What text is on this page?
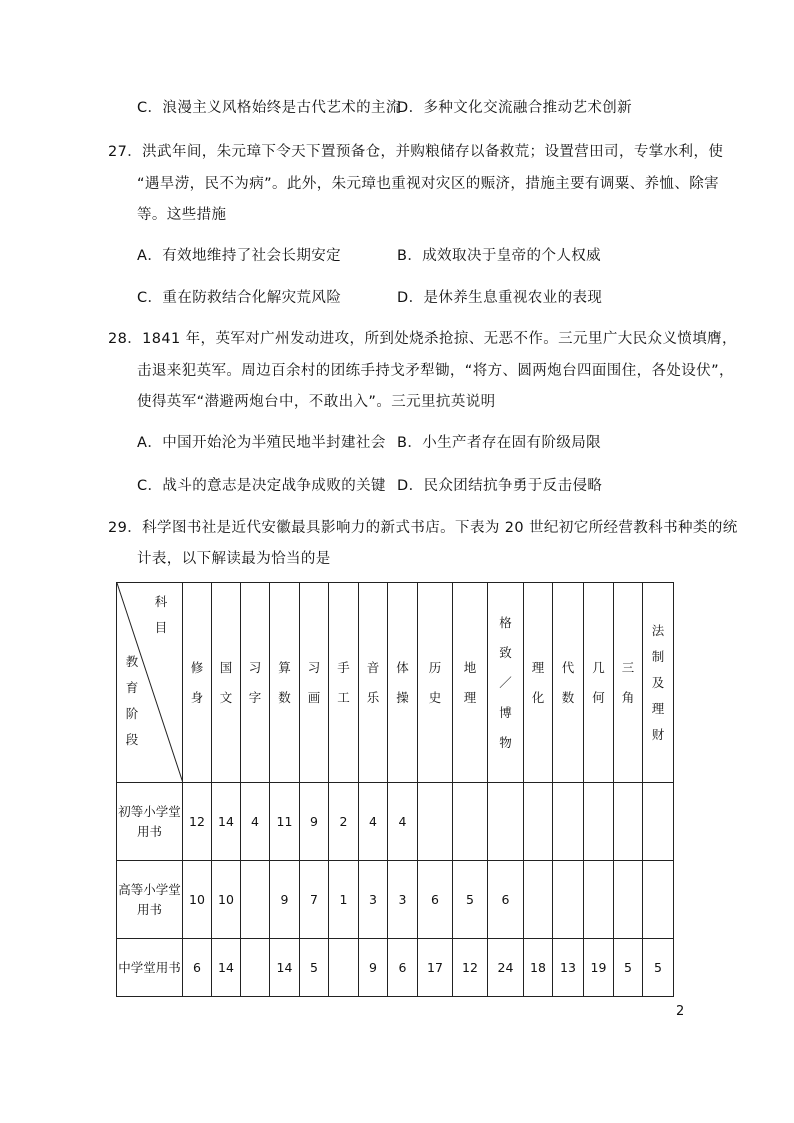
C．浪漫主义风格始终是古代艺术的主流
D．多种文化交流融合推动艺术创新
27．洪武年间，朱元璋下令天下置预备仓，并购粮储存以备救荒；设置营田司，专掌水利，使
“遇旱涝，民不为病”。此外，朱元璋也重视对灾区的赈济，措施主要有调粟、养恤、除害
等。这些措施
A．有效地维持了社会长期安定	B．成效取决于皇帝的个人权威
C．重在防救结合化解灾荒风险	D．是休养生息重视农业的表现
28．1841 年，英军对广州发动进攻，所到处烧杀抢掠、无恶不作。三元里广大民众义愤填膺，
击退来犯英军。周边百余村的团练手持戈矛犁锄，“将方、圆两炮台四面围住，各处设伏”，
使得英军“潜避两炮台中，不敢出入”。三元里抗英说明
A．中国开始沦为半殖民地半封建社会 B．小生产者存在固有阶级局限
C．战斗的意志是决定战争成败的关键 D．民众团结抗争勇于反击侵略
29．科学图书社是近代安徽最具影响力的新式书店。下表为 20 世纪初它所经营教科书种类的统
计表，以下解读最为恰当的是
科目
教育阶段	修身	国文	习字	算数	习画	手工	音乐	体操	历史	地理	格致／博物	理化	代数	几何	三角	法制及理财
初等小学堂用书	12	14	4	11	9	2	4	4								
高等小学堂用书	10	10		9	7	1	3	3	6	5	6					
中学堂用书	6	14		14	5		9	6	17	12	24	18	13	19	5	5
2
